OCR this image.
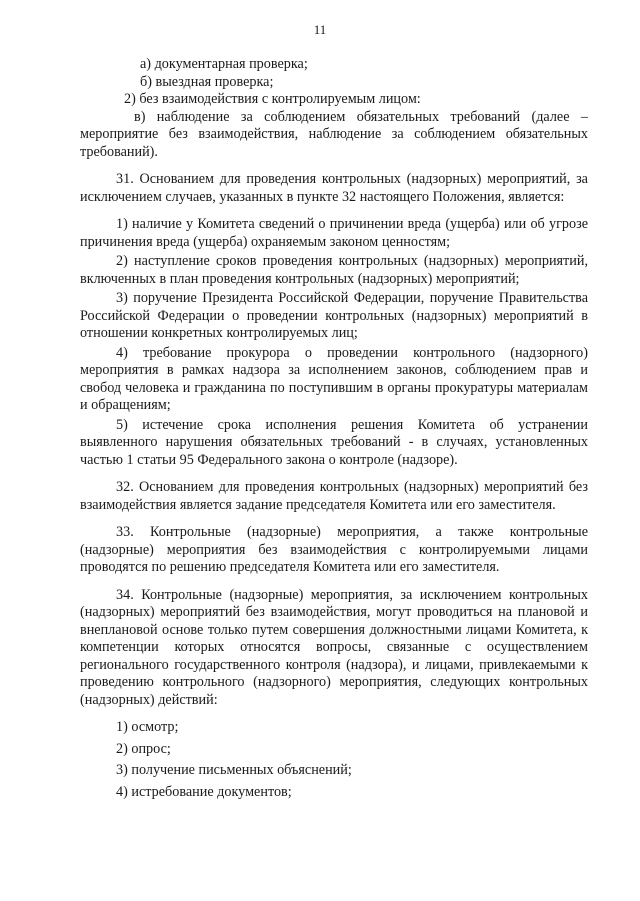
11
а) документарная проверка;
б) выездная проверка;
2) без взаимодействия с контролируемым лицом:
в) наблюдение за соблюдением обязательных требований (далее – мероприятие без взаимодействия, наблюдение за соблюдением обязательных требований).
31. Основанием для проведения контрольных (надзорных) мероприятий, за исключением случаев, указанных в пункте 32 настоящего Положения, является:
1) наличие у Комитета сведений о причинении вреда (ущерба) или об угрозе причинения вреда (ущерба) охраняемым законом ценностям;
2) наступление сроков проведения контрольных (надзорных) мероприятий, включенных в план проведения контрольных (надзорных) мероприятий;
3) поручение Президента Российской Федерации, поручение Правительства Российской Федерации о проведении контрольных (надзорных) мероприятий в отношении конкретных контролируемых лиц;
4) требование прокурора о проведении контрольного (надзорного) мероприятия в рамках надзора за исполнением законов, соблюдением прав и свобод человека и гражданина по поступившим в органы прокуратуры материалам и обращениям;
5) истечение срока исполнения решения Комитета об устранении выявленного нарушения обязательных требований - в случаях, установленных частью 1 статьи 95 Федерального закона о контроле (надзоре).
32. Основанием для проведения контрольных (надзорных) мероприятий без взаимодействия является задание председателя Комитета или его заместителя.
33. Контрольные (надзорные) мероприятия, а также контрольные (надзорные) мероприятия без взаимодействия с контролируемыми лицами проводятся по решению председателя Комитета или его заместителя.
34. Контрольные (надзорные) мероприятия, за исключением контрольных (надзорных) мероприятий без взаимодействия, могут проводиться на плановой и внеплановой основе только путем совершения должностными лицами Комитета, к компетенции которых относятся вопросы, связанные с осуществлением регионального государственного контроля (надзора), и лицами, привлекаемыми к проведению контрольного (надзорного) мероприятия, следующих контрольных (надзорных) действий:
1) осмотр;
2) опрос;
3) получение письменных объяснений;
4) истребование документов;
